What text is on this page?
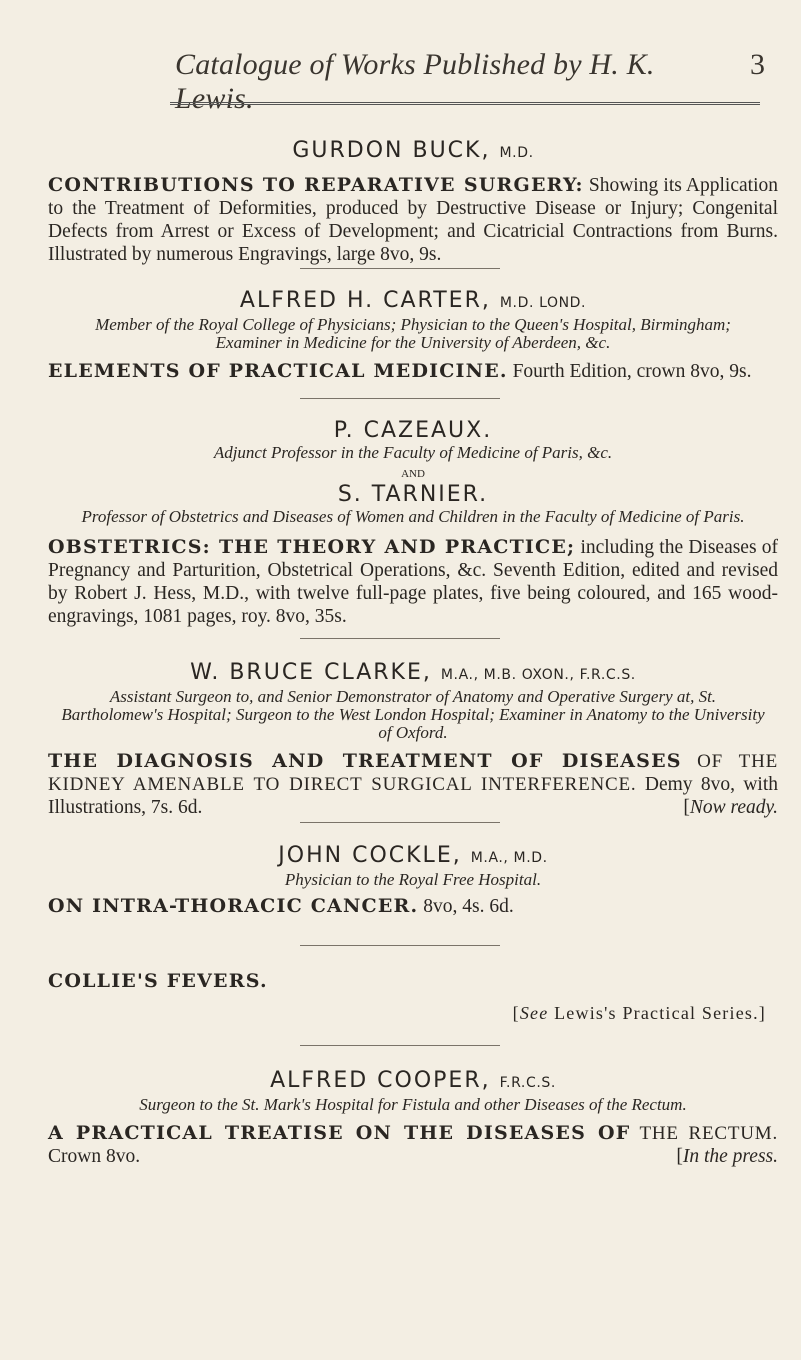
Catalogue of Works Published by H. K. Lewis.
3
GURDON BUCK, M.D.
CONTRIBUTIONS TO REPARATIVE SURGERY: Showing its Application to the Treatment of Deformities, produced by Destructive Disease or Injury; Congenital Defects from Arrest or Excess of Development; and Cicatricial Contractions from Burns. Illustrated by numerous Engravings, large 8vo, 9s.
ALFRED H. CARTER, M.D. LOND.
Member of the Royal College of Physicians; Physician to the Queen's Hospital, Birmingham;
Examiner in Medicine for the University of Aberdeen, &c.
ELEMENTS OF PRACTICAL MEDICINE. Fourth Edition, crown 8vo, 9s.
P. CAZEAUX.
Adjunct Professor in the Faculty of Medicine of Paris, &c.
AND
S. TARNIER.
Professor of Obstetrics and Diseases of Women and Children in the Faculty of Medicine of Paris.
OBSTETRICS: THE THEORY AND PRACTICE; including the Diseases of Pregnancy and Parturition, Obstetrical Operations, &c. Seventh Edition, edited and revised by Robert J. Hess, M.D., with twelve full-page plates, five being coloured, and 165 wood-engravings, 1081 pages, roy. 8vo, 35s.
W. BRUCE CLARKE, M.A., M.B. OXON., F.R.C.S.
Assistant Surgeon to, and Senior Demonstrator of Anatomy and Operative Surgery at, St. Bartholomew's Hospital; Surgeon to the West London Hospital; Examiner in Anatomy to the University of Oxford.
THE DIAGNOSIS AND TREATMENT OF DISEASES OF THE KIDNEY AMENABLE TO DIRECT SURGICAL INTERFERENCE. Demy 8vo, with Illustrations, 7s. 6d.	[Now ready.
JOHN COCKLE, M.A., M.D.
Physician to the Royal Free Hospital.
ON INTRA-THORACIC CANCER. 8vo, 4s. 6d.
COLLIE'S FEVERS.
[See Lewis's Practical Series.]
ALFRED COOPER, F.R.C.S.
Surgeon to the St. Mark's Hospital for Fistula and other Diseases of the Rectum.
A PRACTICAL TREATISE ON THE DISEASES OF THE RECTUM. Crown 8vo.	[In the press.
